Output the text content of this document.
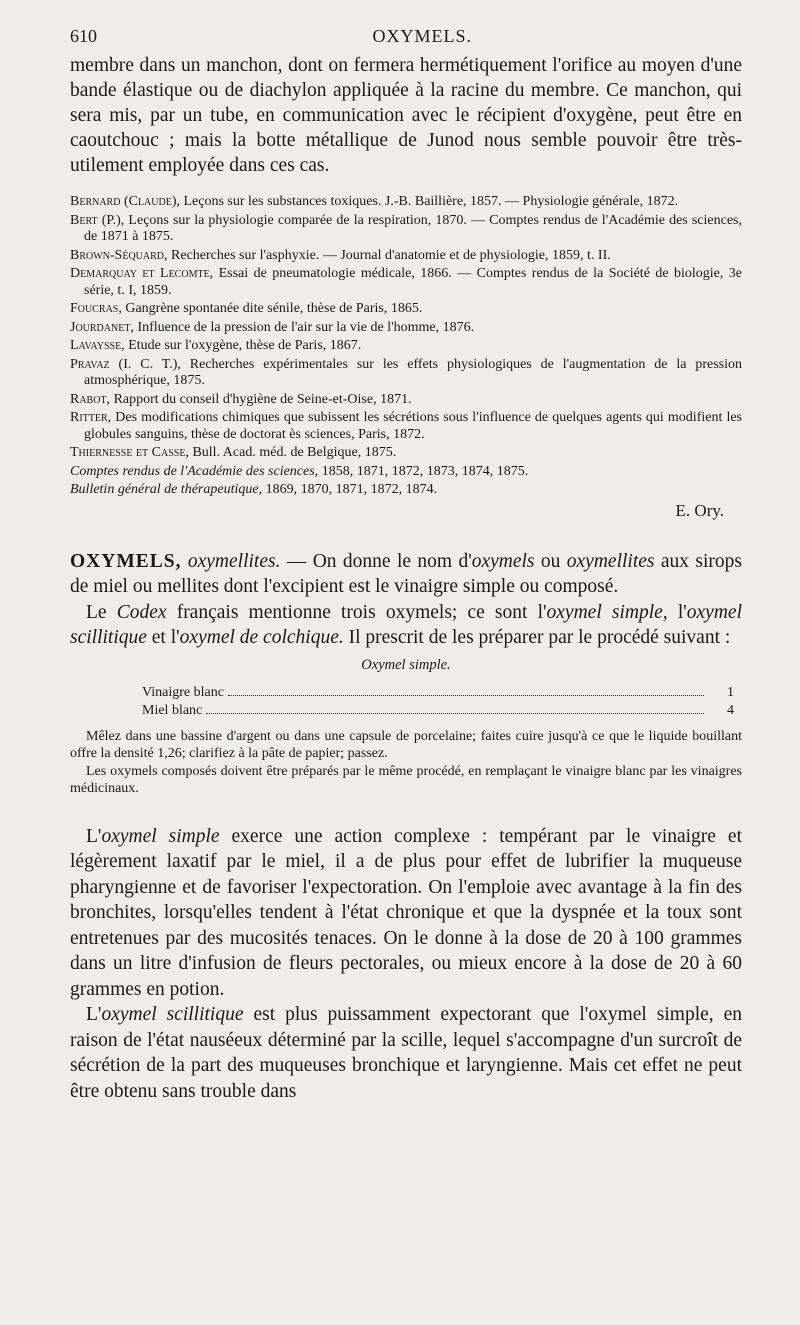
610	OXYMELS.

membre dans un manchon, dont on fermera hermétiquement l'orifice au moyen d'une bande élastique ou de diachylon appliquée à la racine du membre. Ce manchon, qui sera mis, par un tube, en communication avec le récipient d'oxygène, peut être en caoutchouc ; mais la botte métallique de Junod nous semble pouvoir être très-utilement employée dans ces cas.

Bernard (Claude), Leçons sur les substances toxiques. J.-B. Baillière, 1857. — Physiologie générale, 1872.

Bert (P.), Leçons sur la physiologie comparée de la respiration, 1870. — Comptes rendus de l'Académie des sciences, de 1871 à 1875.

Brown-Séquard, Recherches sur l'asphyxie. — Journal d'anatomie et de physiologie, 1859, t. II.

Demarquay et Lecomte, Essai de pneumatologie médicale, 1866. — Comptes rendus de la Société de biologie, 3e série, t. I, 1859.

Foucras, Gangrène spontanée dite sénile, thèse de Paris, 1865.

Jourdanet, Influence de la pression de l'air sur la vie de l'homme, 1876.

Lavaysse, Etude sur l'oxygène, thèse de Paris, 1867.

Pravaz (I. C. T.), Recherches expérimentales sur les effets physiologiques de l'augmentation de la pression atmosphérique, 1875.

Rabot, Rapport du conseil d'hygiène de Seine-et-Oise, 1871.

Ritter, Des modifications chimiques que subissent les sécrétions sous l'influence de quelques agents qui modifient les globules sanguins, thèse de doctorat ès sciences, Paris, 1872.

Thiernesse et Casse, Bull. Acad. méd. de Belgique, 1875.

Comptes rendus de l'Académie des sciences, 1858, 1871, 1872, 1873, 1874, 1875.

Bulletin général de thérapeutique, 1869, 1870, 1871, 1872, 1874.

E. Ory.

OXYMELS, oxymellites. — On donne le nom d'oxymels ou oxymellites aux sirops de miel ou mellites dont l'excipient est le vinaigre simple ou composé.

Le Codex français mentionne trois oxymels; ce sont l'oxymel simple, l'oxymel scillitique et l'oxymel de colchique. Il prescrit de les préparer par le procédé suivant :

Oxymel simple.
Vinaigre blanc	1
Miel blanc	4

Mêlez dans une bassine d'argent ou dans une capsule de porcelaine; faites cuire jusqu'à ce que le liquide bouillant offre la densité 1,26; clarifiez à la pâte de papier; passez.

Les oxymels composés doivent être préparés par le même procédé, en remplaçant le vinaigre blanc par les vinaigres médicinaux.

L'oxymel simple exerce une action complexe : tempérant par le vinaigre et légèrement laxatif par le miel, il a de plus pour effet de lubrifier la muqueuse pharyngienne et de favoriser l'expectoration. On l'emploie avec avantage à la fin des bronchites, lorsqu'elles tendent à l'état chronique et que la dyspnée et la toux sont entretenues par des mucosités tenaces. On le donne à la dose de 20 à 100 grammes dans un litre d'infusion de fleurs pectorales, ou mieux encore à la dose de 20 à 60 grammes en potion.

L'oxymel scillitique est plus puissamment expectorant que l'oxymel simple, en raison de l'état nauséeux déterminé par la scille, lequel s'accompagne d'un surcroît de sécrétion de la part des muqueuses bronchique et laryngienne. Mais cet effet ne peut être obtenu sans trouble dans
